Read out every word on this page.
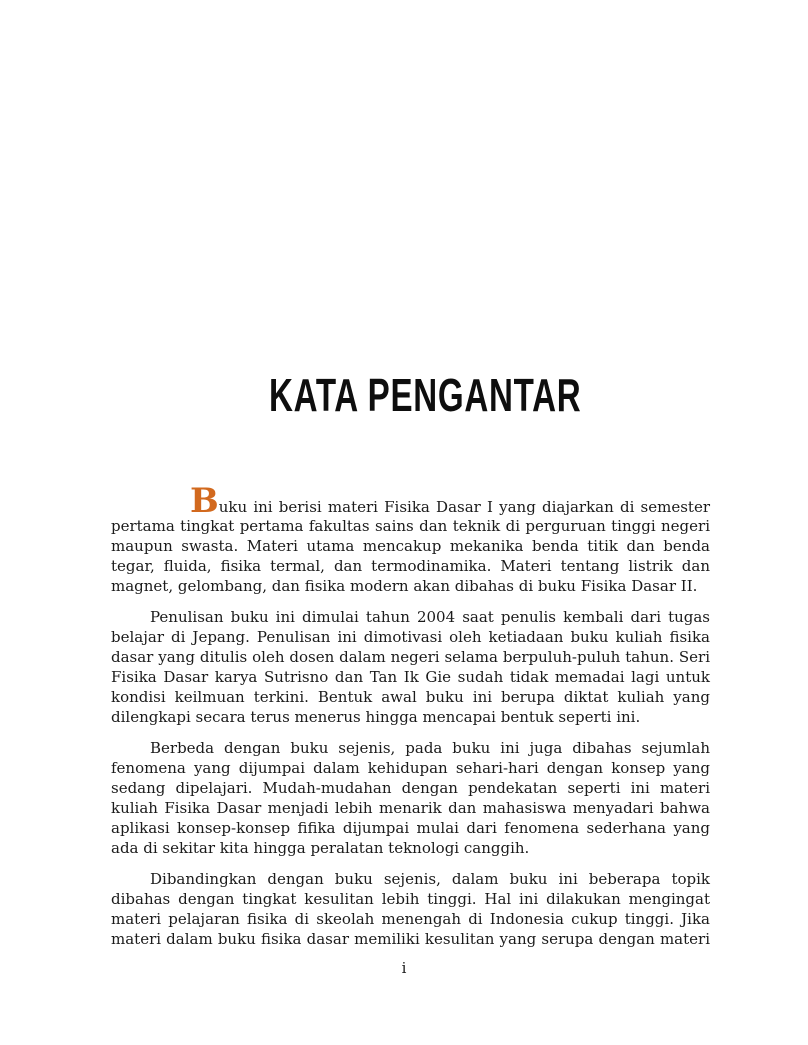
KATA PENGANTAR
Buku ini berisi materi Fisika Dasar I yang diajarkan di semester
pertama tingkat pertama fakultas sains dan teknik di perguruan tinggi negeri
maupun swasta. Materi utama mencakup mekanika benda titik dan benda
tegar, fluida, fisika termal, dan termodinamika. Materi tentang listrik dan
magnet, gelombang, dan fisika modern akan dibahas di buku Fisika Dasar II.
Penulisan buku ini dimulai tahun 2004 saat penulis kembali dari tugas
belajar di Jepang. Penulisan ini dimotivasi oleh ketiadaan buku kuliah fisika
dasar yang ditulis oleh dosen dalam negeri selama berpuluh-puluh tahun. Seri
Fisika Dasar karya Sutrisno dan Tan Ik Gie sudah tidak memadai lagi untuk
kondisi keilmuan terkini. Bentuk awal buku ini berupa diktat kuliah yang
dilengkapi secara terus menerus hingga mencapai bentuk seperti ini.
Berbeda dengan buku sejenis, pada buku ini juga dibahas sejumlah
fenomena yang dijumpai dalam kehidupan sehari-hari dengan konsep yang
sedang dipelajari. Mudah-mudahan dengan pendekatan seperti ini materi
kuliah Fisika Dasar menjadi lebih menarik dan mahasiswa menyadari bahwa
aplikasi konsep-konsep fifika dijumpai mulai dari fenomena sederhana yang
ada di sekitar kita hingga peralatan teknologi canggih.
Dibandingkan dengan buku sejenis, dalam buku ini beberapa topik
dibahas dengan tingkat kesulitan lebih tinggi. Hal ini dilakukan mengingat
materi pelajaran fisika di skeolah menengah di Indonesia cukup tinggi. Jika
materi dalam buku fisika dasar memiliki kesulitan yang serupa dengan materi
i
